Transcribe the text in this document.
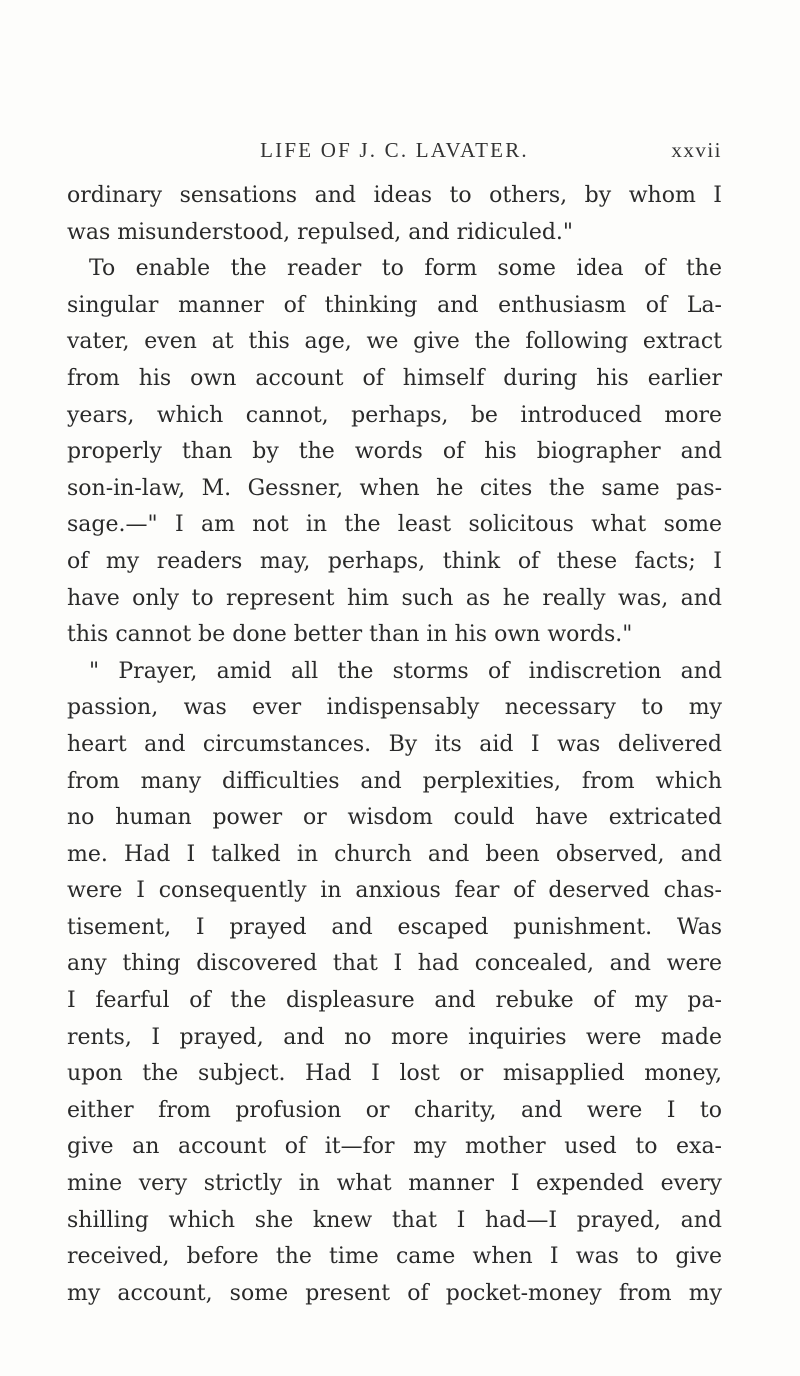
LIFE OF J. C. LAVATER.	xxvii
ordinary sensations and ideas to others, by whom I
was misunderstood, repulsed, and ridiculed."
To enable the reader to form some idea of the
singular manner of thinking and enthusiasm of La-
vater, even at this age, we give the following extract
from his own account of himself during his earlier
years, which cannot, perhaps, be introduced more
properly than by the words of his biographer and
son-in-law, M. Gessner, when he cites the same pas-
sage.—" I am not in the least solicitous what some
of my readers may, perhaps, think of these facts; I
have only to represent him such as he really was, and
this cannot be done better than in his own words."
" Prayer, amid all the storms of indiscretion and
passion, was ever indispensably necessary to my
heart and circumstances. By its aid I was delivered
from many difficulties and perplexities, from which
no human power or wisdom could have extricated
me. Had I talked in church and been observed, and
were I consequently in anxious fear of deserved chas-
tisement, I prayed and escaped punishment. Was
any thing discovered that I had concealed, and were
I fearful of the displeasure and rebuke of my pa-
rents, I prayed, and no more inquiries were made
upon the subject. Had I lost or misapplied money,
either from profusion or charity, and were I to
give an account of it—for my mother used to exa-
mine very strictly in what manner I expended every
shilling which she knew that I had—I prayed, and
received, before the time came when I was to give
my account, some present of pocket-money from my
